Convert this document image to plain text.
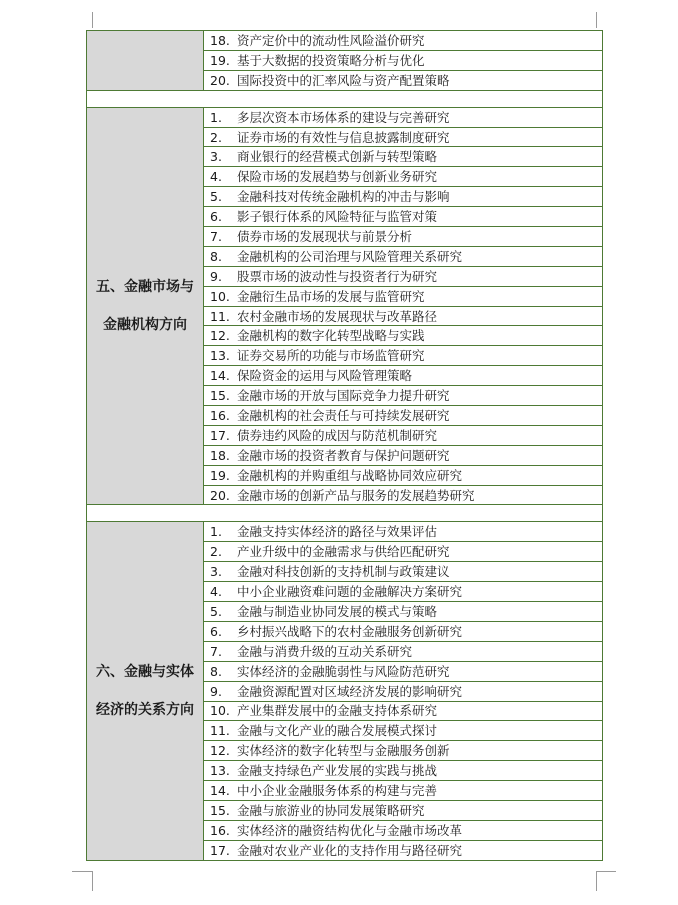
	18. 资产定价中的流动性风险溢价研究
	19. 基于大数据的投资策略分析与优化
	20. 国际投资中的汇率风险与资产配置策略

五、金融市场与金融机构方向	1. 多层次资本市场体系的建设与完善研究
	2. 证券市场的有效性与信息披露制度研究
	3. 商业银行的经营模式创新与转型策略
	4. 保险市场的发展趋势与创新业务研究
	5. 金融科技对传统金融机构的冲击与影响
	6. 影子银行体系的风险特征与监管对策
	7. 债券市场的发展现状与前景分析
	8. 金融机构的公司治理与风险管理关系研究
	9. 股票市场的波动性与投资者行为研究
	10. 金融衍生品市场的发展与监管研究
	11. 农村金融市场的发展现状与改革路径
	12. 金融机构的数字化转型战略与实践
	13. 证券交易所的功能与市场监管研究
	14. 保险资金的运用与风险管理策略
	15. 金融市场的开放与国际竞争力提升研究
	16. 金融机构的社会责任与可持续发展研究
	17. 债券违约风险的成因与防范机制研究
	18. 金融市场的投资者教育与保护问题研究
	19. 金融机构的并购重组与战略协同效应研究
	20. 金融市场的创新产品与服务的发展趋势研究

六、金融与实体经济的关系方向	1. 金融支持实体经济的路径与效果评估
	2. 产业升级中的金融需求与供给匹配研究
	3. 金融对科技创新的支持机制与政策建议
	4. 中小企业融资难问题的金融解决方案研究
	5. 金融与制造业协同发展的模式与策略
	6. 乡村振兴战略下的农村金融服务创新研究
	7. 金融与消费升级的互动关系研究
	8. 实体经济的金融脆弱性与风险防范研究
	9. 金融资源配置对区域经济发展的影响研究
	10. 产业集群发展中的金融支持体系研究
	11. 金融与文化产业的融合发展模式探讨
	12. 实体经济的数字化转型与金融服务创新
	13. 金融支持绿色产业发展的实践与挑战
	14. 中小企业金融服务体系的构建与完善
	15. 金融与旅游业的协同发展策略研究
	16. 实体经济的融资结构优化与金融市场改革
	17. 金融对农业产业化的支持作用与路径研究
